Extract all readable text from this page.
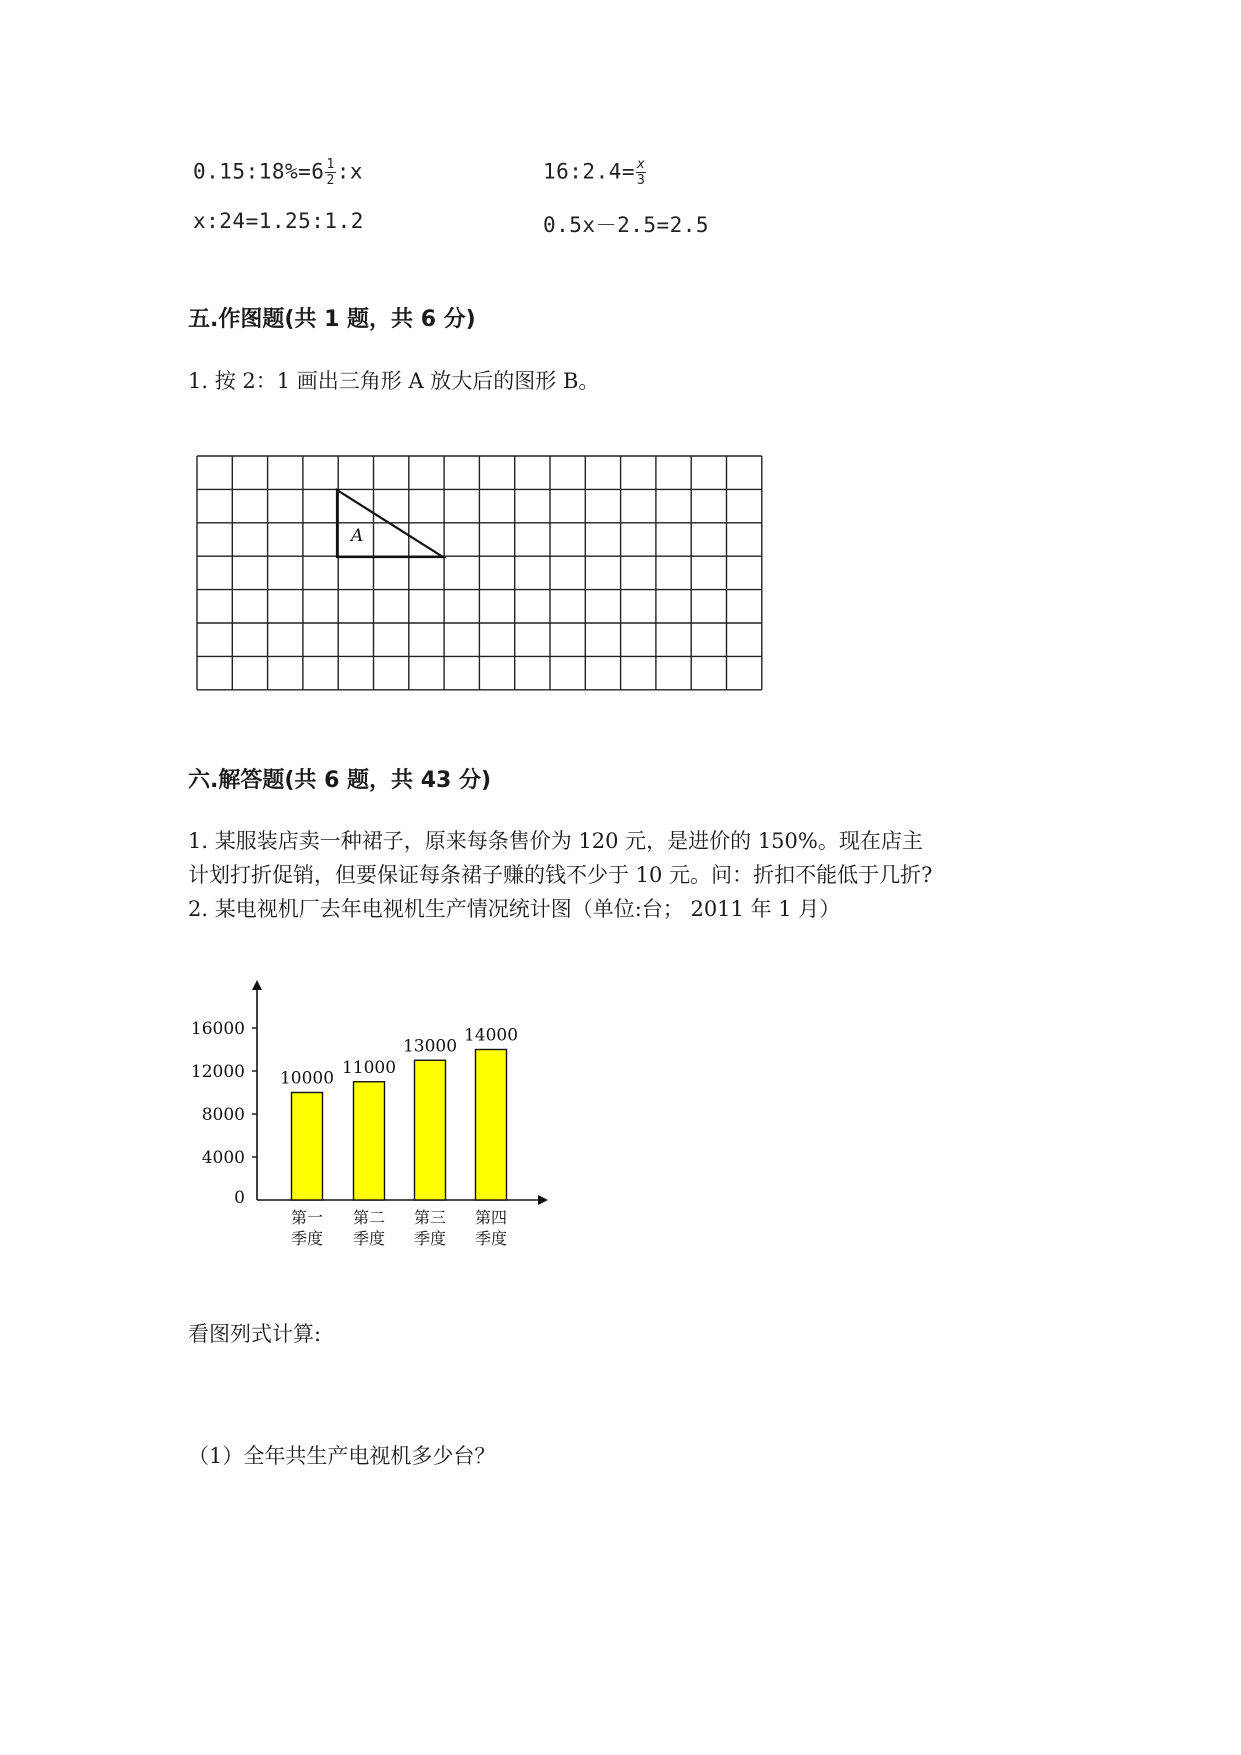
0.15:18%=6 $\frac{1}{2}$ :x	16:2.4= $\frac{x}{3}$
x:24=1.25:1.2	0.5x－2.5=2.5
五.作图题(共 1 题，共 6 分)
1. 按 2：1 画出三角形 A 放大后的图形 B。
A
六.解答题(共 6 题，共 43 分)
1. 某服装店卖一种裙子，原来每条售价为 120 元，是进价的 150%。现在店主
计划打折促销，但要保证每条裙子赚的钱不少于 10 元。问：折扣不能低于几折?
2. 某电视机厂去年电视机生产情况统计图（单位:台； 2011 年 1 月）
0
4000
8000
12000
16000
10000
第一
季度
11000
第二
季度
13000
第三
季度
14000
第四
季度
看图列式计算:
（1）全年共生产电视机多少台？
